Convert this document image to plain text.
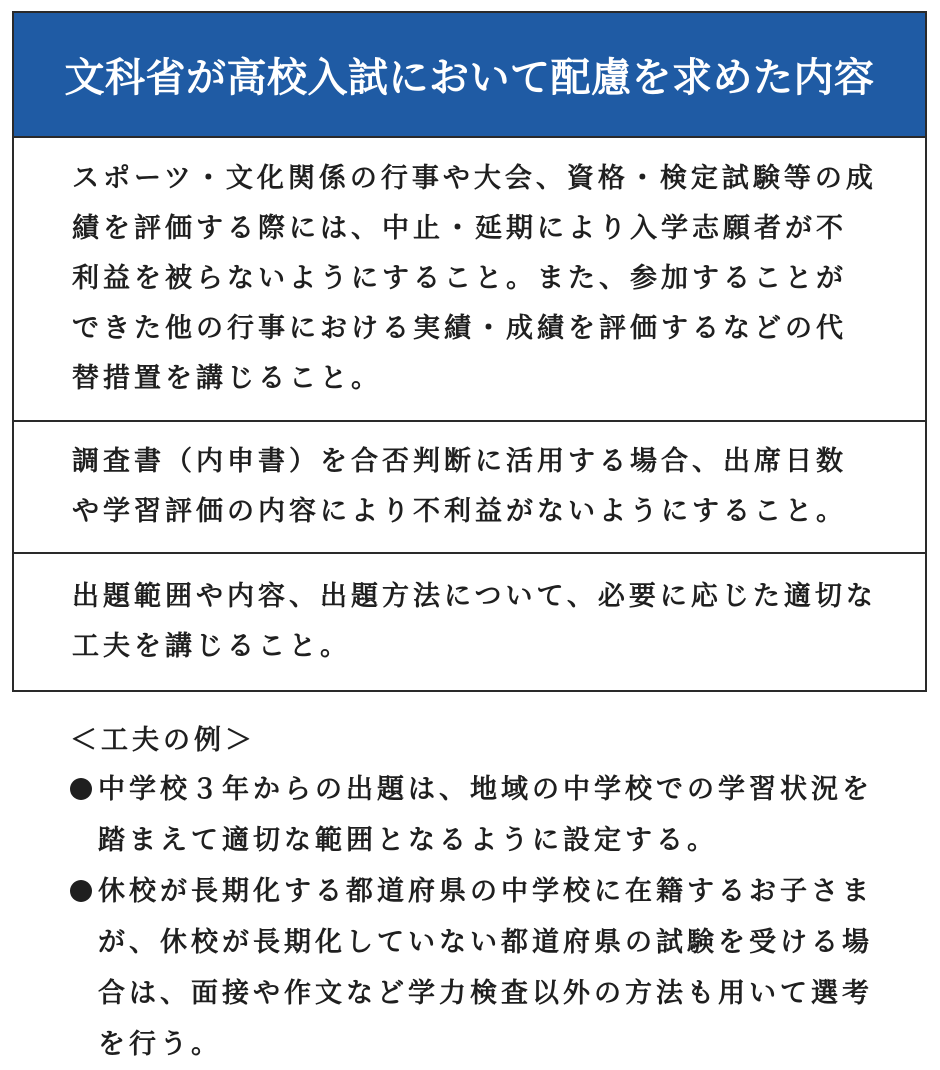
文科省が高校入試において配慮を求めた内容

スポーツ・文化関係の行事や大会、資格・検定試験等の成績を評価する際には、中止・延期により入学志願者が不利益を被らないようにすること。また、参加することができた他の行事における実績・成績を評価するなどの代替措置を講じること。

調査書（内申書）を合否判断に活用する場合、出席日数や学習評価の内容により不利益がないようにすること。

出題範囲や内容、出題方法について、必要に応じた適切な工夫を講じること。

＜工夫の例＞
中学校３年からの出題は、地域の中学校での学習状況を踏まえて適切な範囲となるように設定する。
休校が長期化する都道府県の中学校に在籍するお子さまが、休校が長期化していない都道府県の試験を受ける場合は、面接や作文など学力検査以外の方法も用いて選考を行う。
